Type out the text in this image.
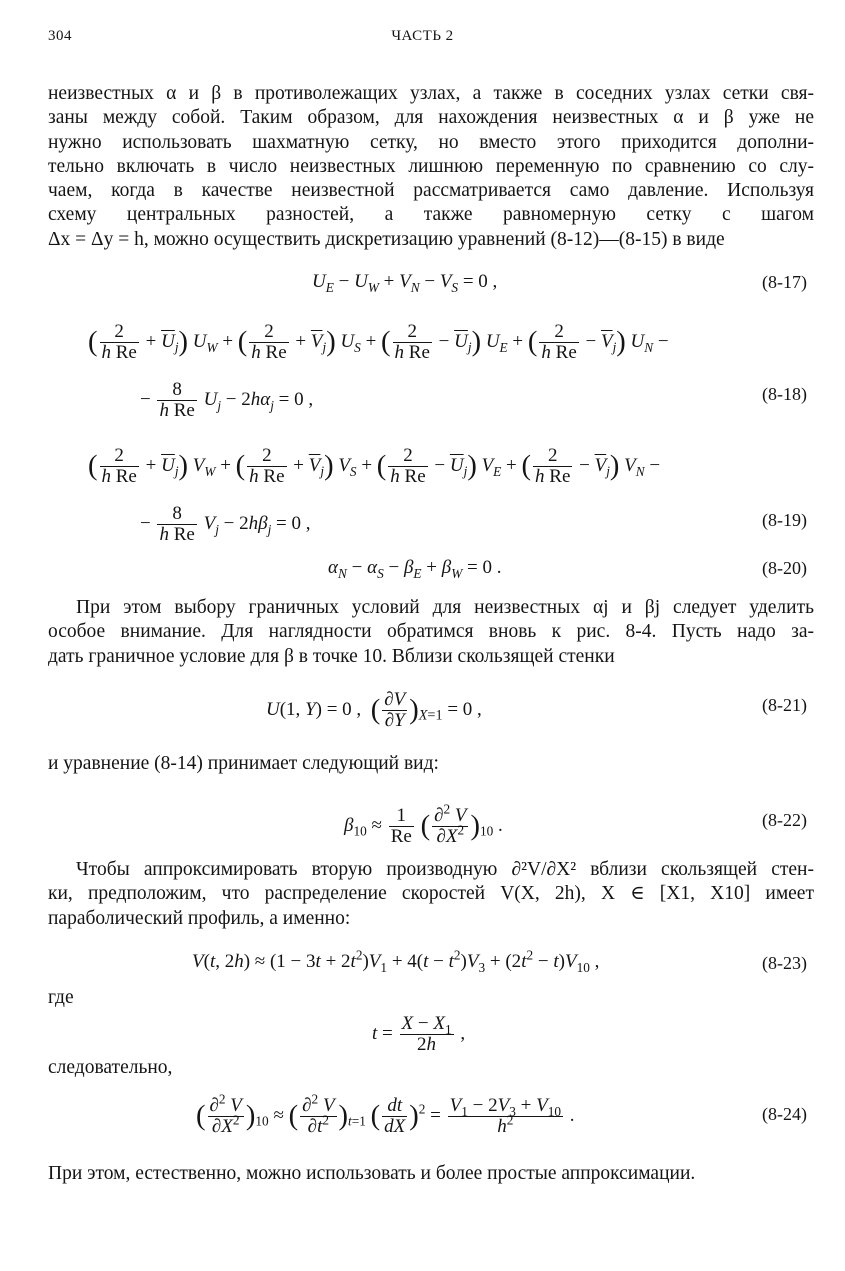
304	ЧАСТЬ 2
неизвестных α и β в противолежащих узлах, а также в соседних узлах сетки свя-
заны между собой. Таким образом, для нахождения неизвестных α и β уже не
нужно использовать шахматную сетку, но вместо этого приходится дополни-
тельно включать в число неизвестных лишнюю переменную по сравнению со слу-
чаем, когда в качестве неизвестной рассматривается само давление. Используя
схему центральных разностей, а также равномерную сетку с шагом
Δx = Δy = h, можно осуществить дискретизацию уравнений (8-12)—(8-15) в виде
$U_E - U_W + V_N - V_S = 0$ ,	(8-17)
( $\frac{2}{\text{h Re}} + \overline{U}_j$) $U_W$ + ( $\frac{2}{\text{h Re}} + \overline{V}_j$) $U_S$ + ( $\frac{2}{\text{h Re}} - \overline{U}_j$) $U_E$ + ( $\frac{2}{\text{h Re}} - \overline{V}_j$) $U_N$ −
− $\frac{8}{\text{h Re}} U_j - 2h\alpha_j = 0$ ,	(8-18)
( $\frac{2}{\text{h Re}} + \overline{U}_j$) $V_W$ + ( $\frac{2}{\text{h Re}} + \overline{V}_j$) $V_S$ + ( $\frac{2}{\text{h Re}} - \overline{U}_j$) $V_E$ + ( $\frac{2}{\text{h Re}} - \overline{V}_j$) $V_N$ −
− $\frac{8}{\text{h Re}} V_j - 2h\beta_j = 0$ ,	(8-19)
$\alpha_N - \alpha_S - \beta_E + \beta_W = 0$ .	(8-20)
При этом выбору граничных условий для неизвестных αj и βj следует уделить
особое внимание. Для наглядности обратимся вновь к рис. 8-4. Пусть надо за-
дать граничное условие для β в точке 10. Вблизи скользящей стенки
U(1, Y) = 0 ,  ( $\frac{\partial V}{\partial Y} )_{X=1} = 0$ ,	(8-21)
и уравнение (8-14) принимает следующий вид:
$\beta_{10} \approx \frac{1}{Re}$ ( $\frac{\partial^2 V}{\partial X^2} )_{10}$ .	(8-22)
Чтобы аппроксимировать вторую производную ∂²V/∂X² вблизи скользящей стен-
ки, предположим, что распределение скоростей V(X, 2h), X ∈ [X1, X10] имеет
параболический профиль, а именно:
V(t, $2h) \approx (1 - 3t + 2t^2)V_1 + 4(t - t^2)V_3 + (2t^2 - t)V_{10}$ ,	(8-23)
где
$t = \frac{X - X_1}{2h}$ ,
следовательно,
( $\frac{\partial^2 V}{\partial X^2} )_{10}$ ≈ ( $\frac{\partial^2 V}{\partial t^2} )_{t=1}$ ( $\frac{dt}{dX} )^2 = \frac{V_1 - 2V_3 + V_{10}}{h^2}$ .	(8-24)
При этом, естественно, можно использовать и более простые аппроксимации.
